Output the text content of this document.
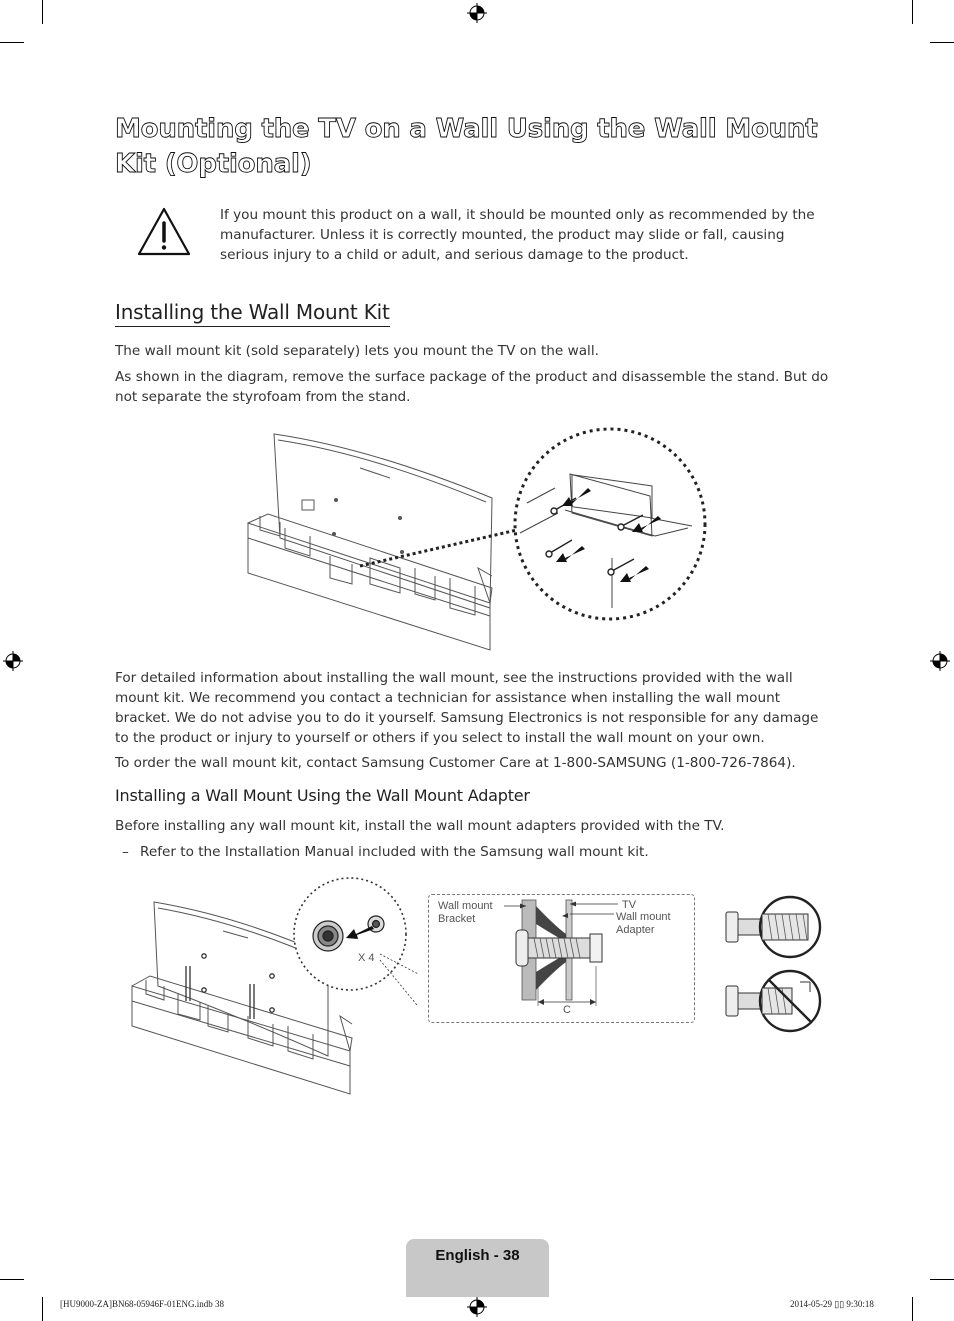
Mounting the TV on a Wall Using the Wall Mount Kit (Optional)
If you mount this product on a wall, it should be mounted only as recommended by the manufacturer. Unless it is correctly mounted, the product may slide or fall, causing serious injury to a child or adult, and serious damage to the product.
Installing the Wall Mount Kit

The wall mount kit (sold separately) lets you mount the TV on the wall.

As shown in the diagram, remove the surface package of the product and disassemble the stand. But do not separate the styrofoam from the stand.

For detailed information about installing the wall mount, see the instructions provided with the wall mount kit. We recommend you contact a technician for assistance when installing the wall mount bracket. We do not advise you to do it yourself. Samsung Electronics is not responsible for any damage to the product or injury to yourself or others if you select to install the wall mount on your own.

To order the wall mount kit, contact Samsung Customer Care at 1-800-SAMSUNG (1-800-726-7864).

Installing a Wall Mount Using the Wall Mount Adapter

Before installing any wall mount kit, install the wall mount adapters provided with the TV.

– Refer to the Installation Manual included with the Samsung wall mount kit.
X 4
Wall mount
Bracket
TV
Wall mount
Adapter
C
English - 38
[HU9000-ZA]BN68-05946F-01ENG.indb 38	2014-05-29 ▯▯ 9:30:18
